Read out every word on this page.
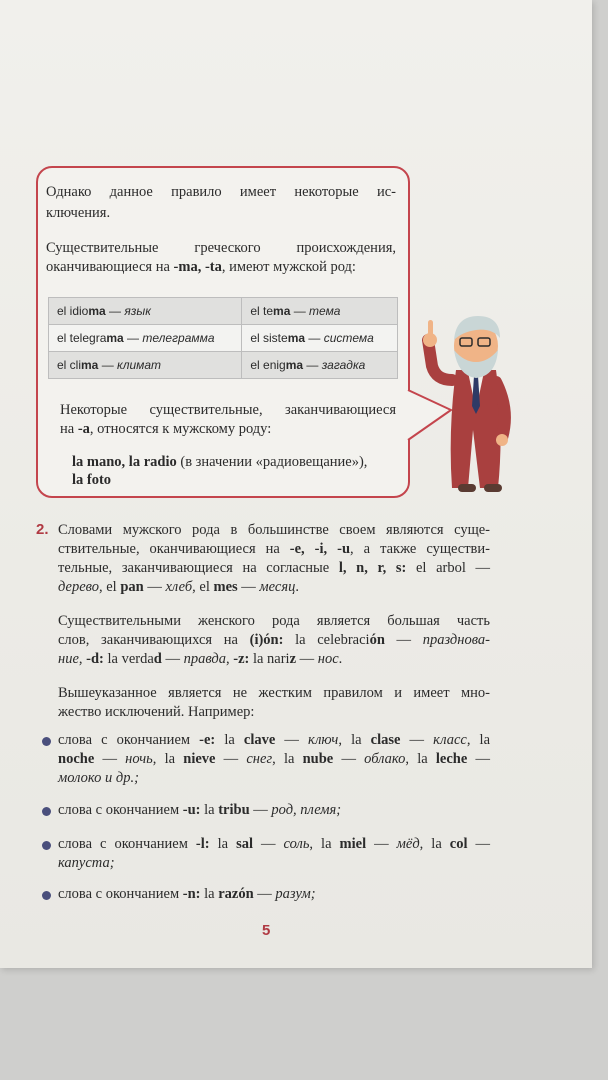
Однако данное правило имеет некоторые ис-
ключения.
Существительные греческого происхождения,
оканчивающиеся на -ma, -ta, имеют мужской род:
el idioma — язык	el tema — тема
el telegrama — телеграмма	el sistema — система
el clima — климат	el enigma — загадка
Некоторые существительные, заканчивающиеся
на -a, относятся к мужскому роду:
la mano, la radio (в значении «радиовещание»),
la foto
2. Словами мужского рода в большинстве своем являются суще-
ствительные, оканчивающиеся на -e, -i, -u, а также существи-
тельные, заканчивающиеся на согласные l, n, r, s: el arbol —
дерево, el pan — хлеб, el mes — месяц.
Существительными женского рода является большая часть
слов, заканчивающихся на (i)ón: la celebración — празднова-
ние, -d: la verdad — правда, -z: la nariz — нос.
Вышеуказанное является не жестким правилом и имеет мно-
жество исключений. Например:
слова с окончанием -e: la clave — ключ, la clase — класс, la
noche — ночь, la nieve — снег, la nube — облако, la leche —
молоко и др.;
слова с окончанием -u: la tribu — род, племя;
слова с окончанием -l: la sal — соль, la miel — мёд, la col —
капуста;
слова с окончанием -n: la razón — разум;
5
